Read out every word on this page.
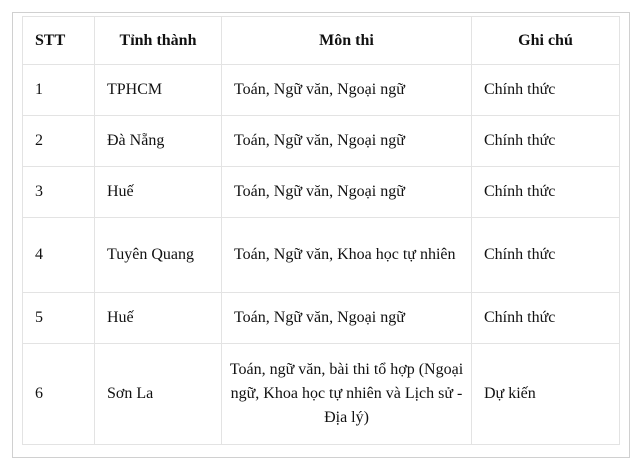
STT	Tỉnh thành	Môn thi	Ghi chú
1	TPHCM	Toán, Ngữ văn, Ngoại ngữ	Chính thức
2	Đà Nẵng	Toán, Ngữ văn, Ngoại ngữ	Chính thức
3	Huế	Toán, Ngữ văn, Ngoại ngữ	Chính thức
4	Tuyên Quang	Toán, Ngữ văn, Khoa học tự nhiên	Chính thức
5	Huế	Toán, Ngữ văn, Ngoại ngữ	Chính thức
6	Sơn La	Toán, ngữ văn, bài thi tổ hợp (Ngoại ngữ, Khoa học tự nhiên và Lịch sử - Địa lý)	Dự kiến
